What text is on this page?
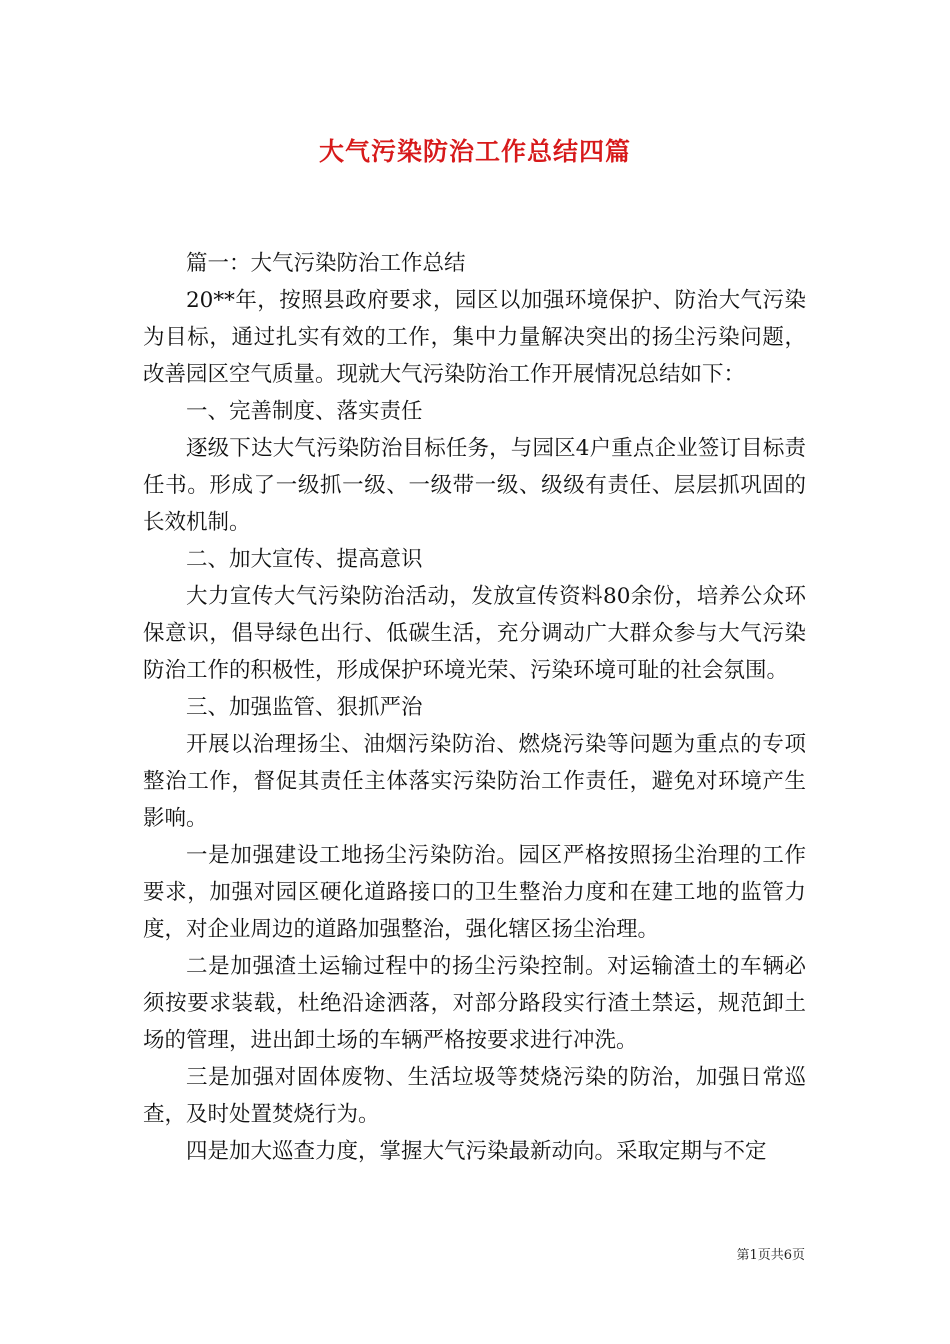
大气污染防治工作总结四篇

篇一：大气污染防治工作总结

20**年，按照县政府要求，园区以加强环境保护、防治大气污染为目标，通过扎实有效的工作，集中力量解决突出的扬尘污染问题，改善园区空气质量。现就大气污染防治工作开展情况总结如下：

一、完善制度、落实责任

逐级下达大气污染防治目标任务，与园区4户重点企业签订目标责任书。形成了一级抓一级、一级带一级、级级有责任、层层抓巩固的长效机制。

二、加大宣传、提高意识

大力宣传大气污染防治活动，发放宣传资料80余份，培养公众环保意识，倡导绿色出行、低碳生活，充分调动广大群众参与大气污染防治工作的积极性，形成保护环境光荣、污染环境可耻的社会氛围。

三、加强监管、狠抓严治

开展以治理扬尘、油烟污染防治、燃烧污染等问题为重点的专项整治工作，督促其责任主体落实污染防治工作责任，避免对环境产生影响。

一是加强建设工地扬尘污染防治。园区严格按照扬尘治理的工作要求，加强对园区硬化道路接口的卫生整治力度和在建工地的监管力度，对企业周边的道路加强整治，强化辖区扬尘治理。

二是加强渣土运输过程中的扬尘污染控制。对运输渣土的车辆必须按要求装载，杜绝沿途洒落，对部分路段实行渣土禁运，规范卸土场的管理，进出卸土场的车辆严格按要求进行冲洗。

三是加强对固体废物、生活垃圾等焚烧污染的防治，加强日常巡查，及时处置焚烧行为。

四是加大巡查力度，掌握大气污染最新动向。采取定期与不定

第1页共6页
